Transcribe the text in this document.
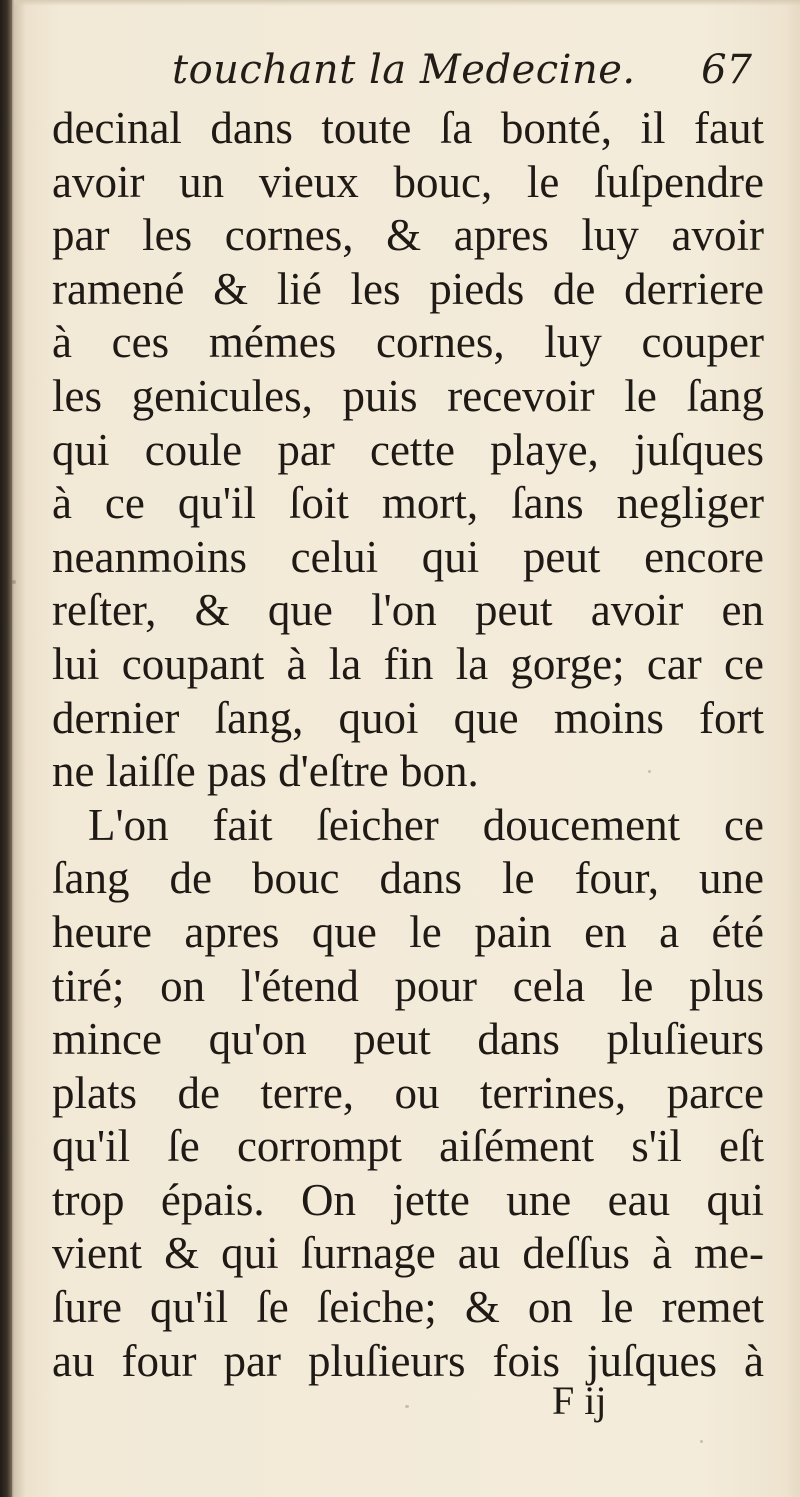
touchant la Medecine. 67
decinal dans toute ſa bonté, il faut
avoir un vieux bouc, le ſuſpendre
par les cornes, & apres luy avoir
ramené & lié les pieds de derriere
à ces mémes cornes, luy couper
les genicules, puis recevoir le ſang
qui coule par cette playe, juſques
à ce qu'il ſoit mort, ſans negliger
neanmoins celui qui peut encore
reſter, & que l'on peut avoir en
lui coupant à la fin la gorge; car ce
dernier ſang, quoi que moins fort
ne laiſſe pas d'eſtre bon.
L'on fait ſeicher doucement ce
ſang de bouc dans le four, une
heure apres que le pain en a été
tiré; on l'étend pour cela le plus
mince qu'on peut dans pluſieurs
plats de terre, ou terrines, parce
qu'il ſe corrompt aiſément s'il eſt
trop épais. On jette une eau qui
vient & qui ſurnage au deſſus à me-
ſure qu'il ſe ſeiche; & on le remet
au four par pluſieurs fois juſques à
F ij
